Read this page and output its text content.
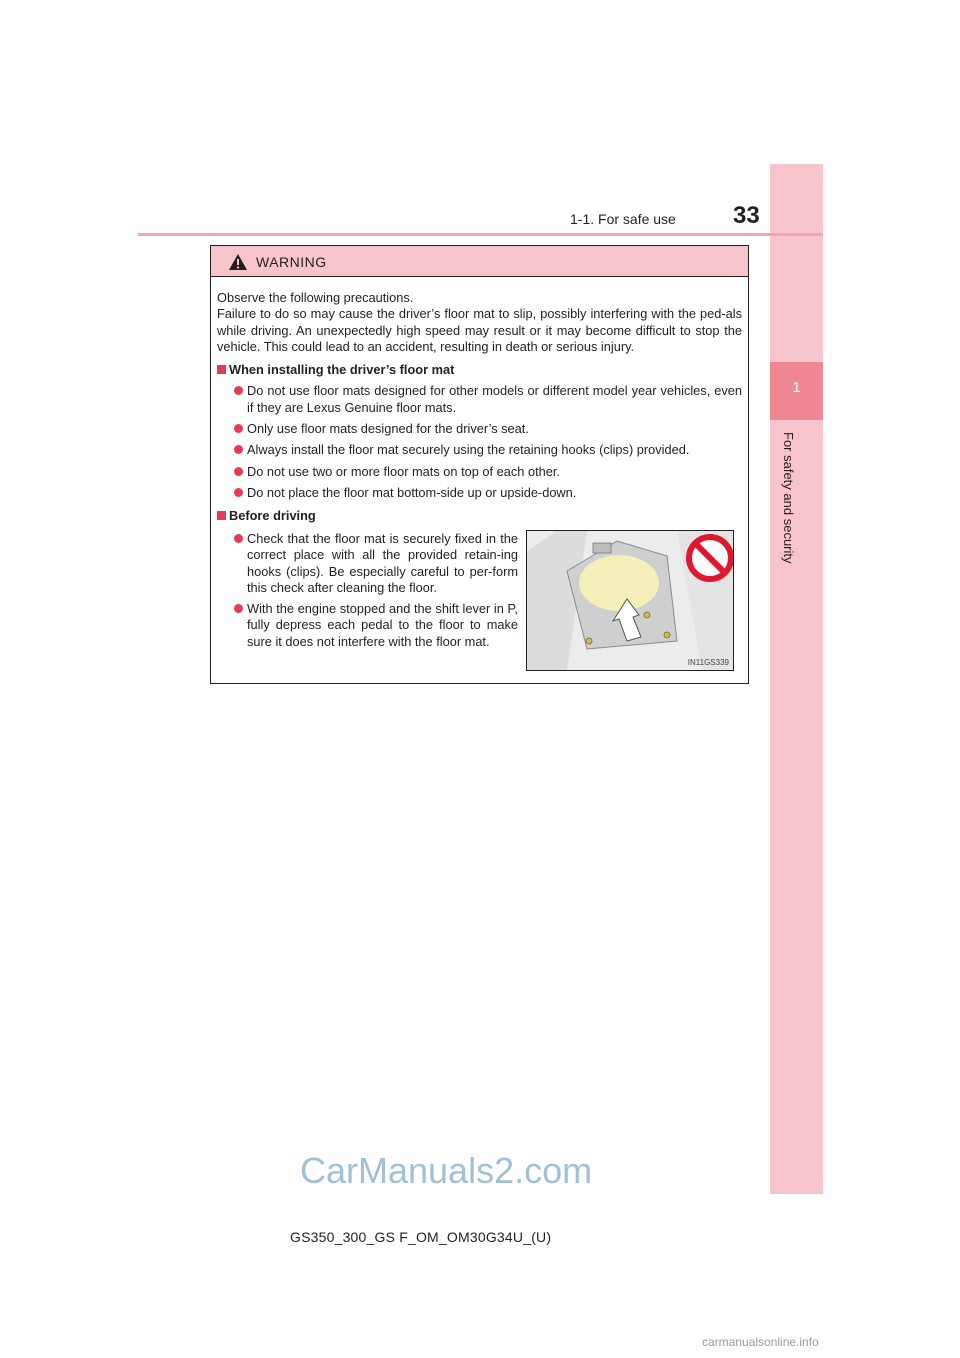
1
For safety and security
1-1. For safe use 33
WARNING

Observe the following precautions.

Failure to do so may cause the driver’s floor mat to slip, possibly interfering with the ped-als while driving. An unexpectedly high speed may result or it may become difficult to stop the vehicle. This could lead to an accident, resulting in death or serious injury.

When installing the driver’s floor mat
Do not use floor mats designed for other models or different model year vehicles, even if they are Lexus Genuine floor mats.
Only use floor mats designed for the driver’s seat.
Always install the floor mat securely using the retaining hooks (clips) provided.
Do not use two or more floor mats on top of each other.
Do not place the floor mat bottom-side up or upside-down.
Before driving
Check that the floor mat is securely fixed in the correct place with all the provided retain-ing hooks (clips). Be especially careful to per-form this check after cleaning the floor.
With the engine stopped and the shift lever in P, fully depress each pedal to the floor to make sure it does not interfere with the floor mat.
IN11GS339
GS350_300_GS F_OM_OM30G34U_(U)
CarManuals2.com
carmanualsonline.info
